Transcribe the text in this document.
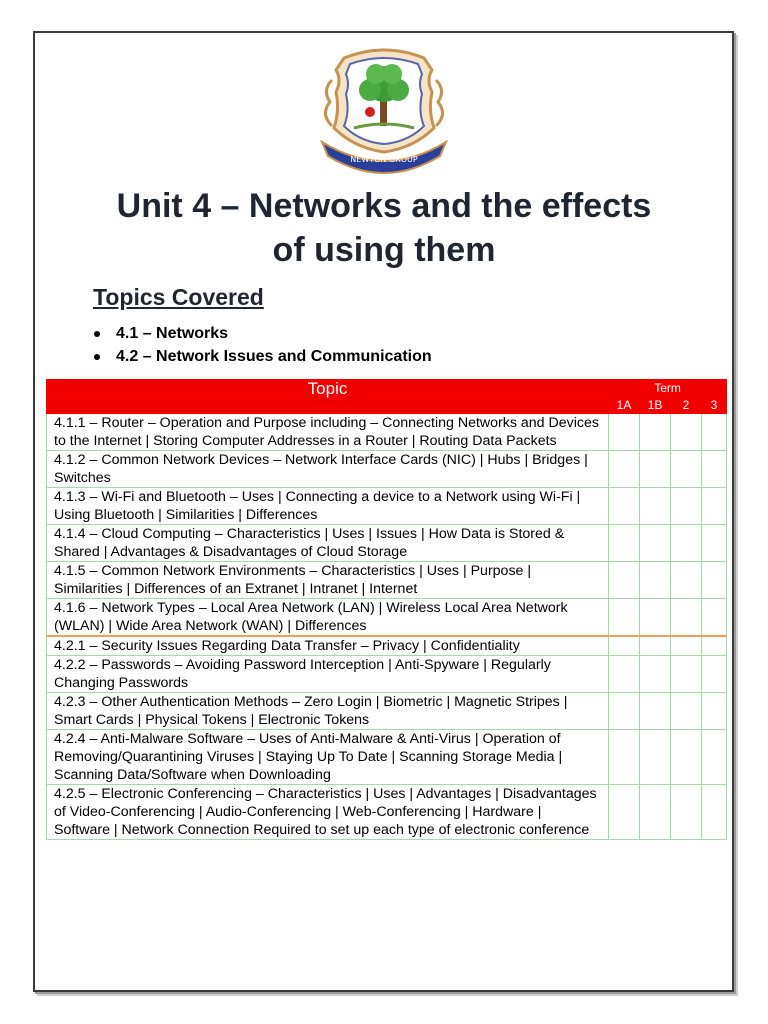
NEWTON GROUP
Unit 4 – Networks and the effects
of using them
Topics Covered
4.1 – Networks
4.2 – Network Issues and Communication
Topic	Term			
	1A	1B	2	3
4.1.1 – Router – Operation and Purpose including – Connecting Networks and Devices to the Internet | Storing Computer Addresses in a Router | Routing Data Packets				
4.1.2 – Common Network Devices – Network Interface Cards (NIC) | Hubs | Bridges | Switches				
4.1.3 – Wi-Fi and Bluetooth – Uses | Connecting a device to a Network using Wi-Fi | Using Bluetooth | Similarities | Differences				
4.1.4 – Cloud Computing – Characteristics | Uses | Issues | How Data is Stored & Shared | Advantages & Disadvantages of Cloud Storage				
4.1.5 – Common Network Environments – Characteristics | Uses | Purpose | Similarities | Differences of an Extranet | Intranet | Internet				
4.1.6 – Network Types – Local Area Network (LAN) | Wireless Local Area Network (WLAN) | Wide Area Network (WAN) | Differences				
4.2.1 – Security Issues Regarding Data Transfer – Privacy | Confidentiality				
4.2.2 – Passwords – Avoiding Password Interception | Anti-Spyware | Regularly Changing Passwords				
4.2.3 – Other Authentication Methods – Zero Login | Biometric | Magnetic Stripes | Smart Cards | Physical Tokens | Electronic Tokens				
4.2.4 – Anti-Malware Software – Uses of Anti-Malware & Anti-Virus | Operation of Removing/Quarantining Viruses | Staying Up To Date | Scanning Storage Media | Scanning Data/Software when Downloading				
4.2.5 – Electronic Conferencing – Characteristics | Uses | Advantages | Disadvantages of Video-Conferencing | Audio-Conferencing | Web-Conferencing | Hardware | Software | Network Connection Required to set up each type of electronic conference				
